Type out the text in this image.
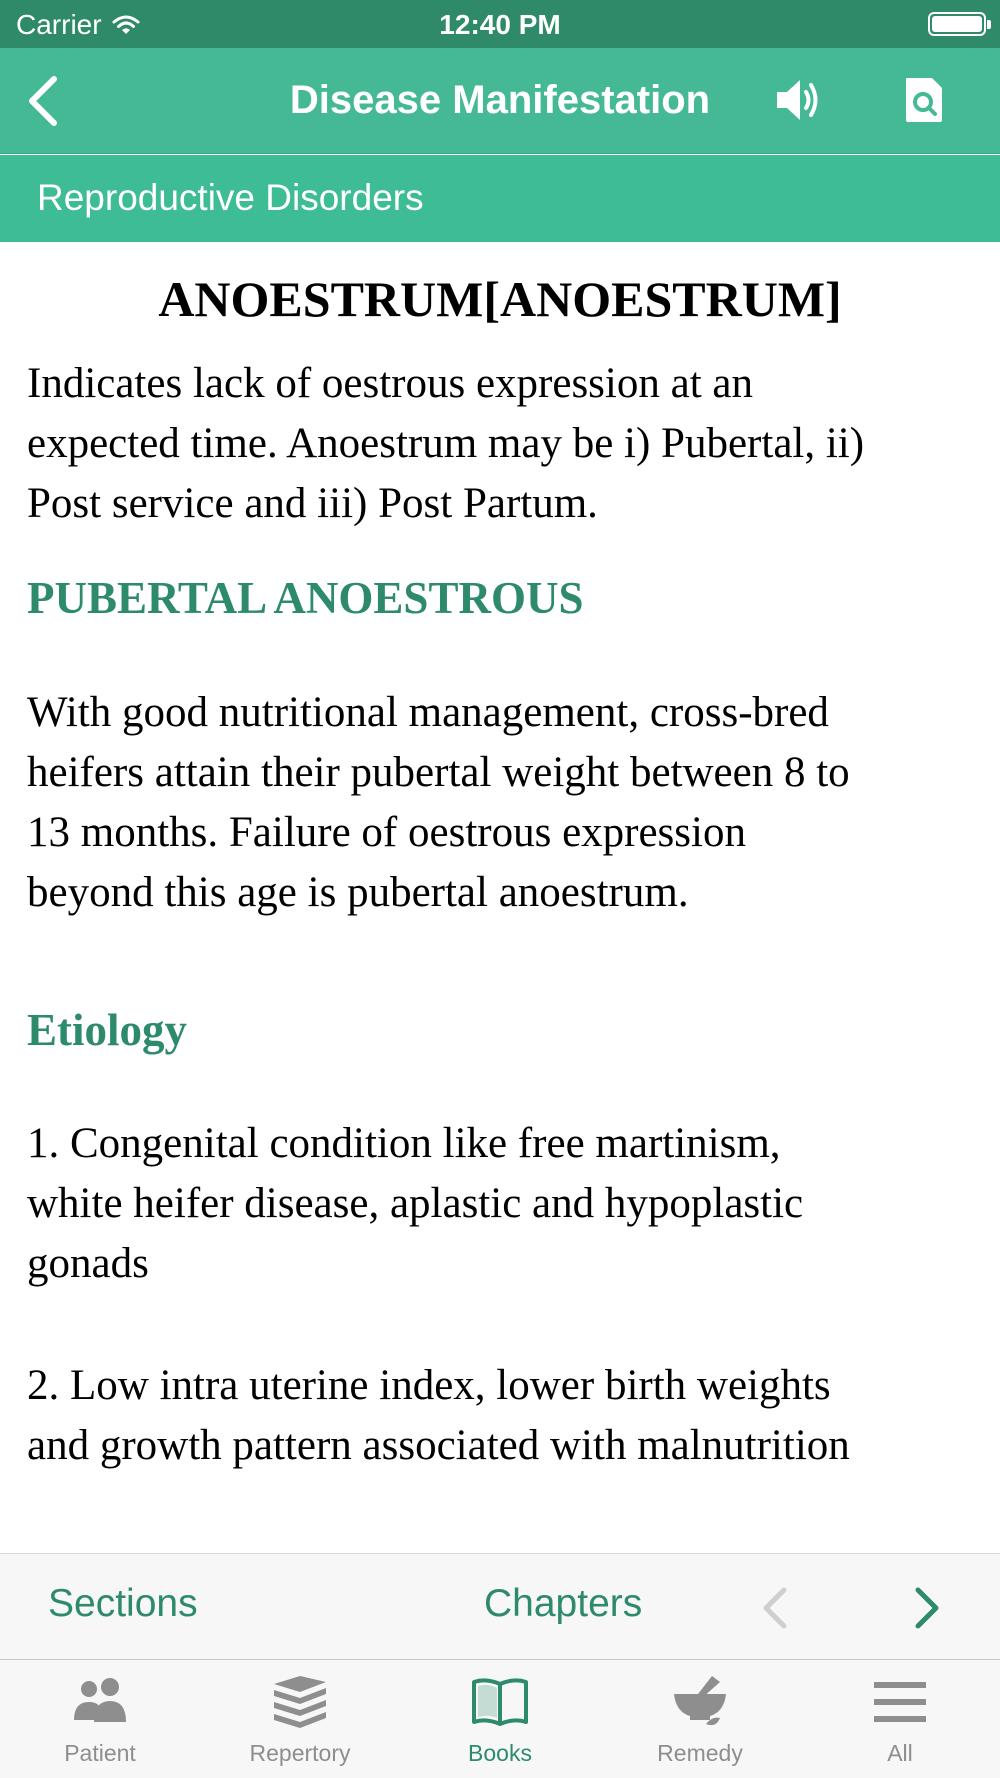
Carrier	12:40 PM
Disease Manifestation
Reproductive Disorders
ANOESTRUM[ANOESTRUM]
Indicates lack of oestrous expression at an
expected time. Anoestrum may be i) Pubertal, ii)
Post service and iii) Post Partum.
PUBERTAL ANOESTROUS
With good nutritional management, cross-bred
heifers attain their pubertal weight between 8 to
13 months. Failure of oestrous expression
beyond this age is pubertal anoestrum.
Etiology
1. Congenital condition like free martinism,
white heifer disease, aplastic and hypoplastic
gonads
2. Low intra uterine index, lower birth weights
and growth pattern associated with malnutrition
Sections	Chapters
Patient	Repertory	Books	Remedy	All
